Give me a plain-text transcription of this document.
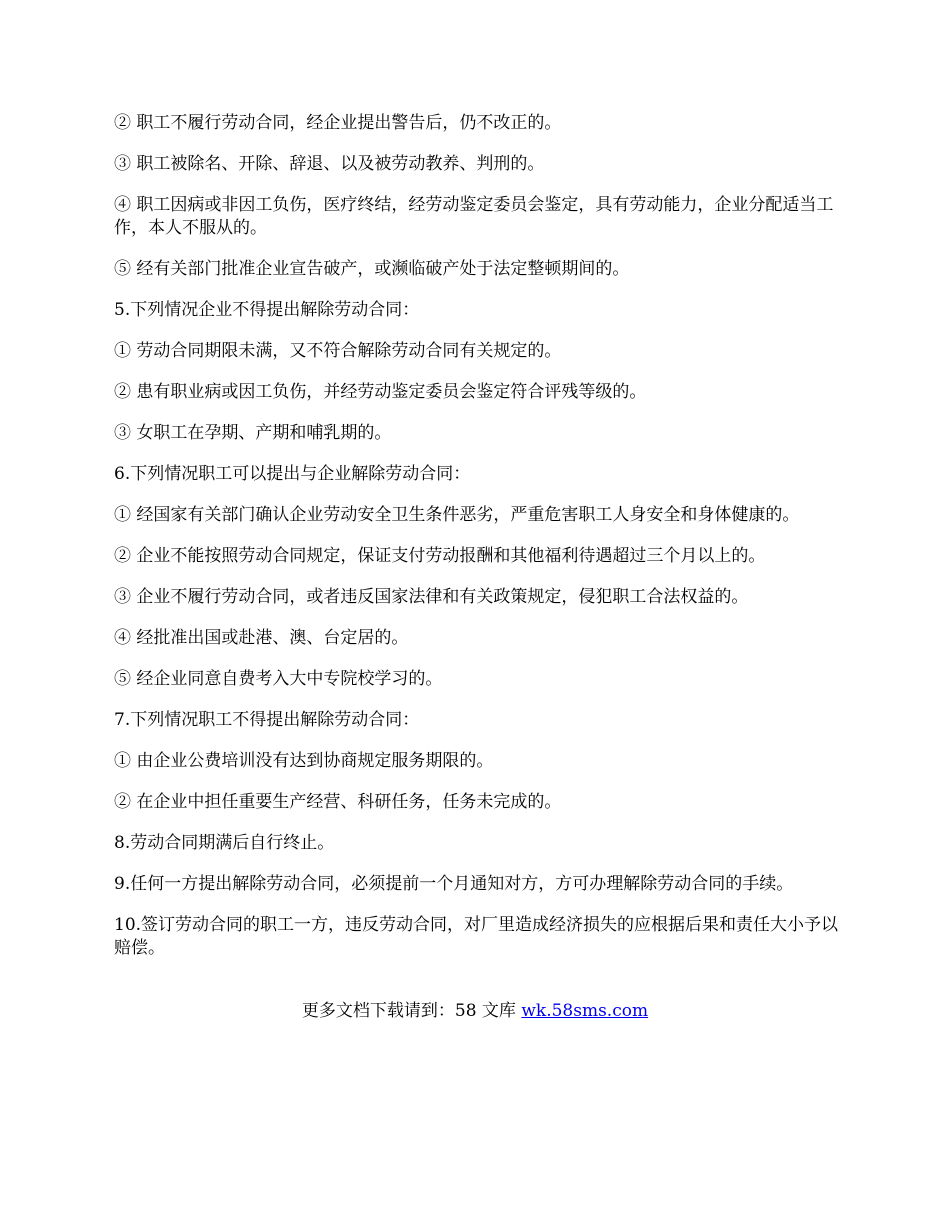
② 职工不履行劳动合同，经企业提出警告后，仍不改正的。

③ 职工被除名、开除、辞退、以及被劳动教养、判刑的。

④ 职工因病或非因工负伤，医疗终结，经劳动鉴定委员会鉴定，具有劳动能力，企业分配适当工作，本人不服从的。

⑤ 经有关部门批准企业宣告破产，或濒临破产处于法定整顿期间的。

5.下列情况企业不得提出解除劳动合同：

① 劳动合同期限未满，又不符合解除劳动合同有关规定的。

② 患有职业病或因工负伤，并经劳动鉴定委员会鉴定符合评残等级的。

③ 女职工在孕期、产期和哺乳期的。

6.下列情况职工可以提出与企业解除劳动合同：

① 经国家有关部门确认企业劳动安全卫生条件恶劣，严重危害职工人身安全和身体健康的。

② 企业不能按照劳动合同规定，保证支付劳动报酬和其他福利待遇超过三个月以上的。

③ 企业不履行劳动合同，或者违反国家法律和有关政策规定，侵犯职工合法权益的。

④ 经批准出国或赴港、澳、台定居的。

⑤ 经企业同意自费考入大中专院校学习的。

7.下列情况职工不得提出解除劳动合同：

① 由企业公费培训没有达到协商规定服务期限的。

② 在企业中担任重要生产经营、科研任务，任务未完成的。

8.劳动合同期满后自行终止。

9.任何一方提出解除劳动合同，必须提前一个月通知对方，方可办理解除劳动合同的手续。

10.签订劳动合同的职工一方，违反劳动合同，对厂里造成经济损失的应根据后果和责任大小予以赔偿。

更多文档下载请到：58 文库 wk.58sms.com
